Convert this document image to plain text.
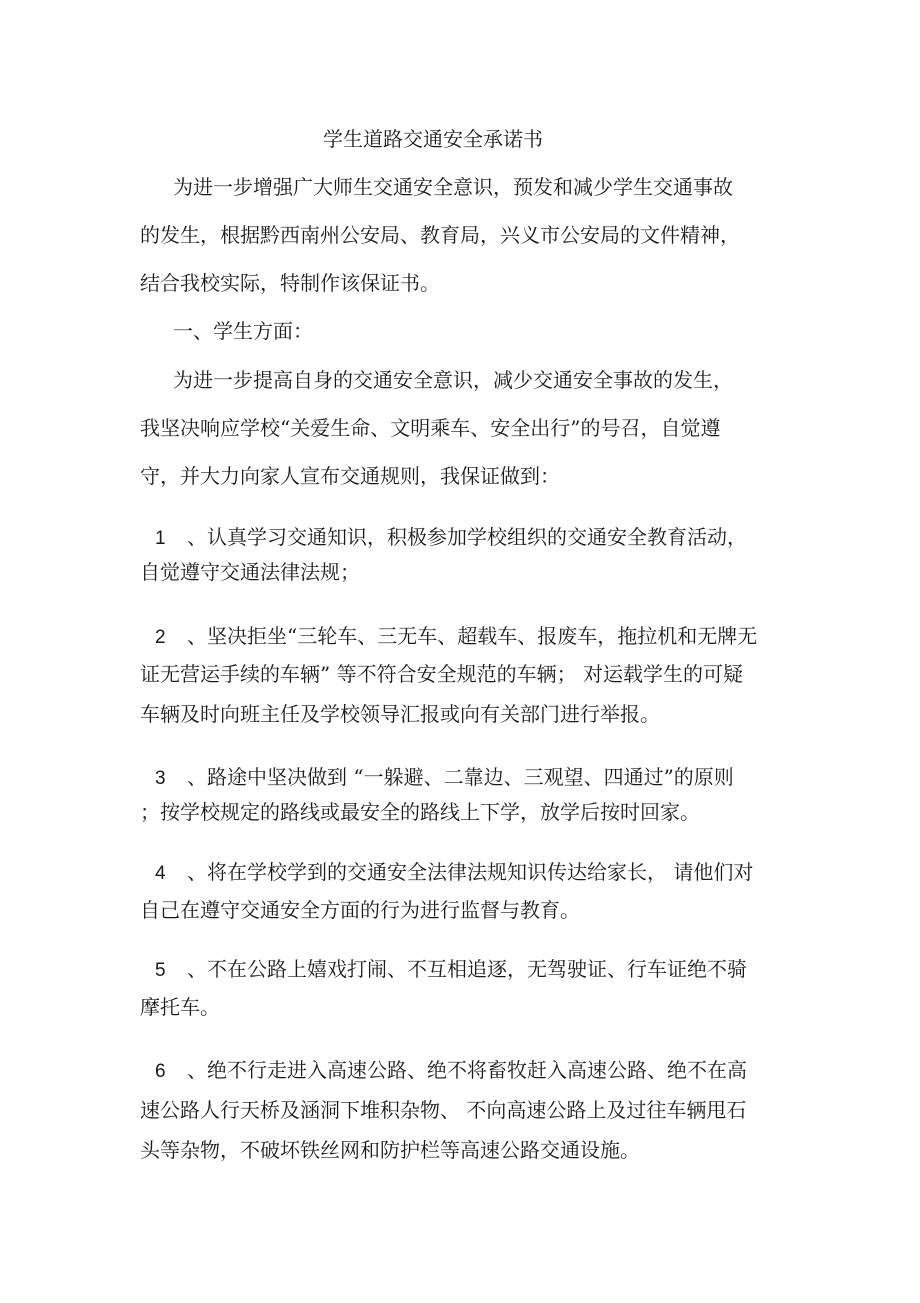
学生道路交通安全承诺书
为进一步增强广大师生交通安全意识，预发和减少学生交通事故
的发生，根据黔西南州公安局、教育局，兴义市公安局的文件精神，
结合我校实际，特制作该保证书。
一、学生方面：
为进一步提高自身的交通安全意识，减少交通安全事故的发生，
我坚决响应学校“关爱生命、文明乘车、安全出行”的号召，自觉遵
守，并大力向家人宣布交通规则，我保证做到：
1 、认真学习交通知识，积极参加学校组织的交通安全教育活动，
自觉遵守交通法律法规；
2 、坚决拒坐“三轮车、三无车、超载车、报废车，拖拉机和无牌无
证无营运手续的车辆” 等不符合安全规范的车辆； 对运载学生的可疑
车辆及时向班主任及学校领导汇报或向有关部门进行举报。
3 、路途中坚决做到 “一躲避、二靠边、三观望、四通过”的原则
；按学校规定的路线或最安全的路线上下学，放学后按时回家。
4 、将在学校学到的交通安全法律法规知识传达给家长， 请他们对
自己在遵守交通安全方面的行为进行监督与教育。
5 、不在公路上嬉戏打闹、不互相追逐，无驾驶证、行车证绝不骑
摩托车。
6 、绝不行走进入高速公路、绝不将畜牧赶入高速公路、绝不在高
速公路人行天桥及涵洞下堆积杂物、 不向高速公路上及过往车辆甩石
头等杂物，不破坏铁丝网和防护栏等高速公路交通设施。
